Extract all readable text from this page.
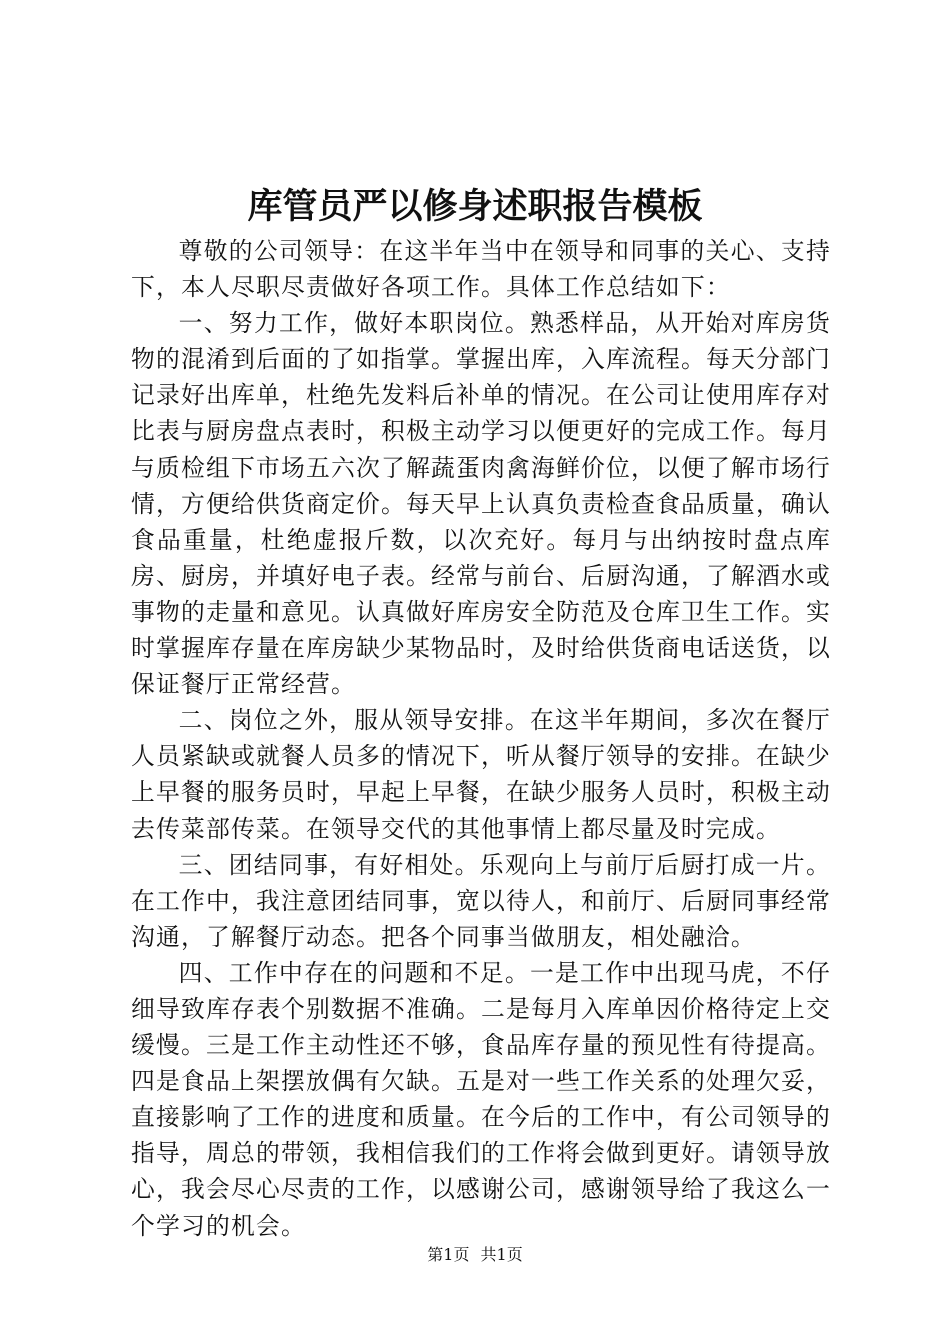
库管员严以修身述职报告模板

尊敬的公司领导：在这半年当中在领导和同事的关心、支持下，本人尽职尽责做好各项工作。具体工作总结如下：

一、努力工作，做好本职岗位。熟悉样品，从开始对库房货物的混淆到后面的了如指掌。掌握出库，入库流程。每天分部门记录好出库单，杜绝先发料后补单的情况。在公司让使用库存对比表与厨房盘点表时，积极主动学习以便更好的完成工作。每月与质检组下市场五六次了解蔬蛋肉禽海鲜价位，以便了解市场行情，方便给供货商定价。每天早上认真负责检查食品质量，确认食品重量，杜绝虚报斤数，以次充好。每月与出纳按时盘点库房、厨房，并填好电子表。经常与前台、后厨沟通，了解酒水或事物的走量和意见。认真做好库房安全防范及仓库卫生工作。实时掌握库存量在库房缺少某物品时，及时给供货商电话送货，以保证餐厅正常经营。

二、岗位之外，服从领导安排。在这半年期间，多次在餐厅人员紧缺或就餐人员多的情况下，听从餐厅领导的安排。在缺少上早餐的服务员时，早起上早餐，在缺少服务人员时，积极主动去传菜部传菜。在领导交代的其他事情上都尽量及时完成。

三、团结同事，有好相处。乐观向上与前厅后厨打成一片。在工作中，我注意团结同事，宽以待人，和前厅、后厨同事经常沟通，了解餐厅动态。把各个同事当做朋友，相处融洽。

四、工作中存在的问题和不足。一是工作中出现马虎，不仔细导致库存表个别数据不准确。二是每月入库单因价格待定上交缓慢。三是工作主动性还不够，食品库存量的预见性有待提高。四是食品上架摆放偶有欠缺。五是对一些工作关系的处理欠妥，直接影响了工作的进度和质量。在今后的工作中，有公司领导的指导，周总的带领，我相信我们的工作将会做到更好。请领导放心，我会尽心尽责的工作，以感谢公司，感谢领导给了我这么一个学习的机会。

第1页 共1页
